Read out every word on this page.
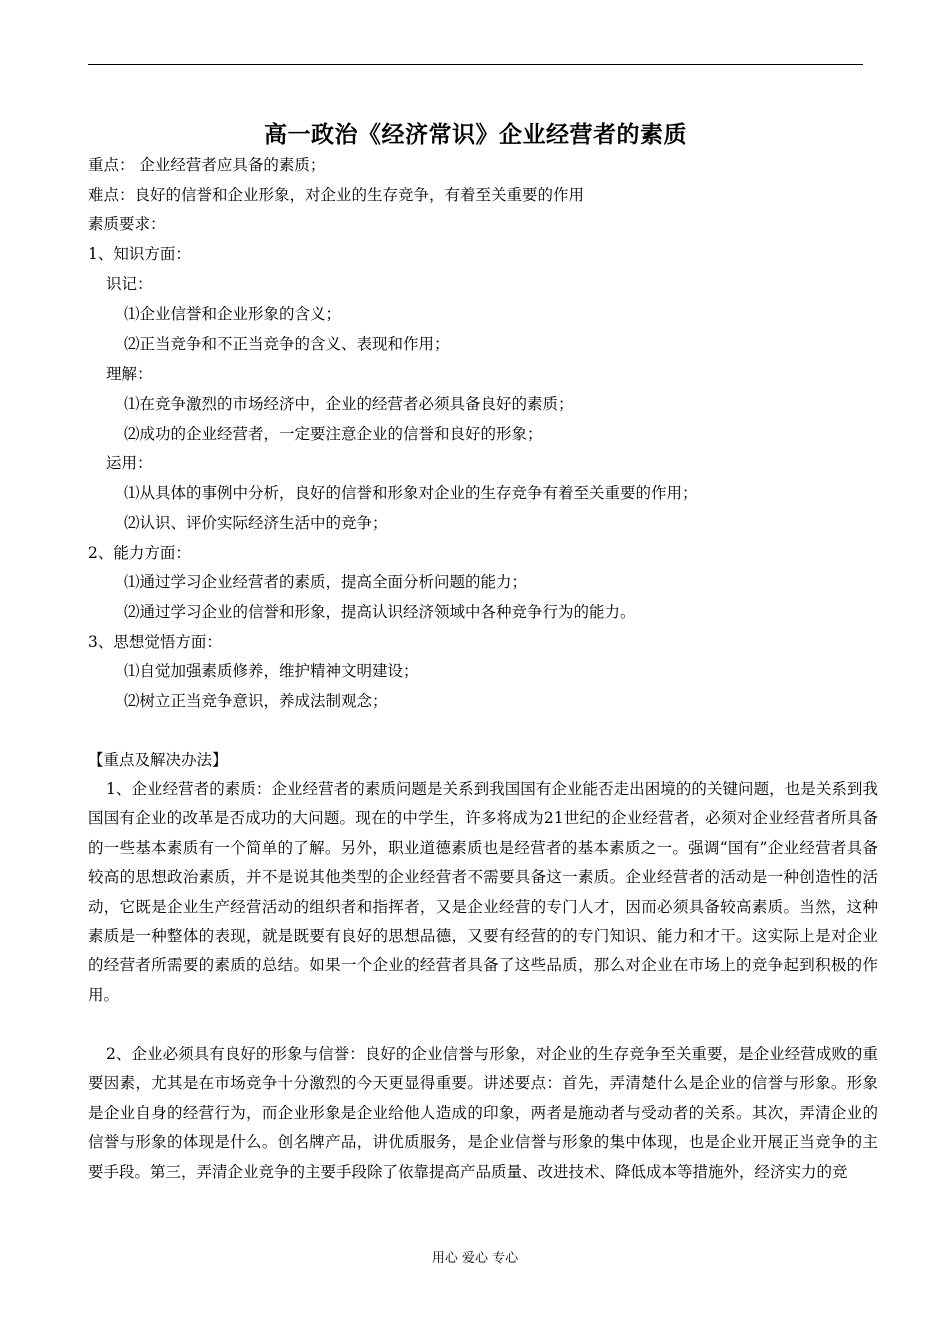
高一政治《经济常识》企业经营者的素质
重点： 企业经营者应具备的素质；
难点：良好的信誉和企业形象，对企业的生存竞争，有着至关重要的作用
素质要求：
1、知识方面：
识记：
⑴企业信誉和企业形象的含义；
⑵正当竞争和不正当竞争的含义、表现和作用；
理解：
⑴在竞争激烈的市场经济中，企业的经营者必须具备良好的素质；
⑵成功的企业经营者，一定要注意企业的信誉和良好的形象；
运用：
⑴从具体的事例中分析，良好的信誉和形象对企业的生存竞争有着至关重要的作用；
⑵认识、评价实际经济生活中的竞争；
2、能力方面：
⑴通过学习企业经营者的素质，提高全面分析问题的能力；
⑵通过学习企业的信誉和形象，提高认识经济领域中各种竞争行为的能力。
3、思想觉悟方面：
⑴自觉加强素质修养，维护精神文明建设；
⑵树立正当竞争意识，养成法制观念；
【重点及解决办法】
1、企业经营者的素质：企业经营者的素质问题是关系到我国国有企业能否走出困境的的关键问题，也是关系到我国国有企业的改革是否成功的大问题。现在的中学生，许多将成为21世纪的企业经营者，必须对企业经营者所具备的一些基本素质有一个简单的了解。另外，职业道德素质也是经营者的基本素质之一。强调“国有”企业经营者具备较高的思想政治素质，并不是说其他类型的企业经营者不需要具备这一素质。企业经营者的活动是一种创造性的活动，它既是企业生产经营活动的组织者和指挥者，又是企业经营的专门人才，因而必须具备较高素质。当然，这种素质是一种整体的表现，就是既要有良好的思想品德，又要有经营的的专门知识、能力和才干。这实际上是对企业的经营者所需要的素质的总结。如果一个企业的经营者具备了这些品质，那么对企业在市场上的竞争起到积极的作用。
2、企业必须具有良好的形象与信誉：良好的企业信誉与形象，对企业的生存竞争至关重要，是企业经营成败的重要因素，尤其是在市场竞争十分激烈的今天更显得重要。讲述要点：首先，弄清楚什么是企业的信誉与形象。形象是企业自身的经营行为，而企业形象是企业给他人造成的印象，两者是施动者与受动者的关系。其次，弄清企业的信誉与形象的体现是什么。创名牌产品，讲优质服务，是企业信誉与形象的集中体现，也是企业开展正当竞争的主要手段。第三，弄清企业竞争的主要手段除了依靠提高产品质量、改进技术、降低成本等措施外，经济实力的竞
用心 爱心 专心
